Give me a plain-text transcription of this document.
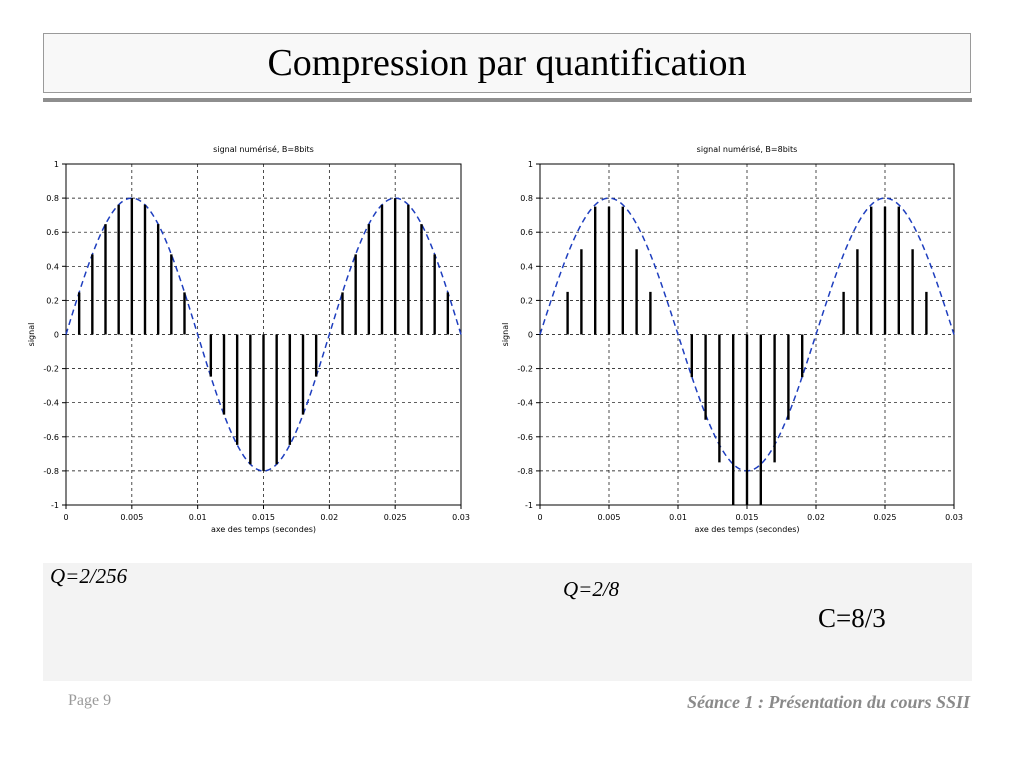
Compression par quantification
0	0.005	0.01	0.015	0.02	0.025	0.03
-1
-0.8
-0.6
-0.4
-0.2
0
0.2
0.4
0.6
0.8
1
signal numérisé, B=8bits
axe des temps (secondes)
signal
0	0.005	0.01	0.015	0.02	0.025	0.03
-1
-0.8
-0.6
-0.4
-0.2
0
0.2
0.4
0.6
0.8
1
signal numérisé, B=8bits
axe des temps (secondes)
signal
Q=2/256
Q=2/8
C=8/3
Page 9	Séance 1 : Présentation du cours SSII
